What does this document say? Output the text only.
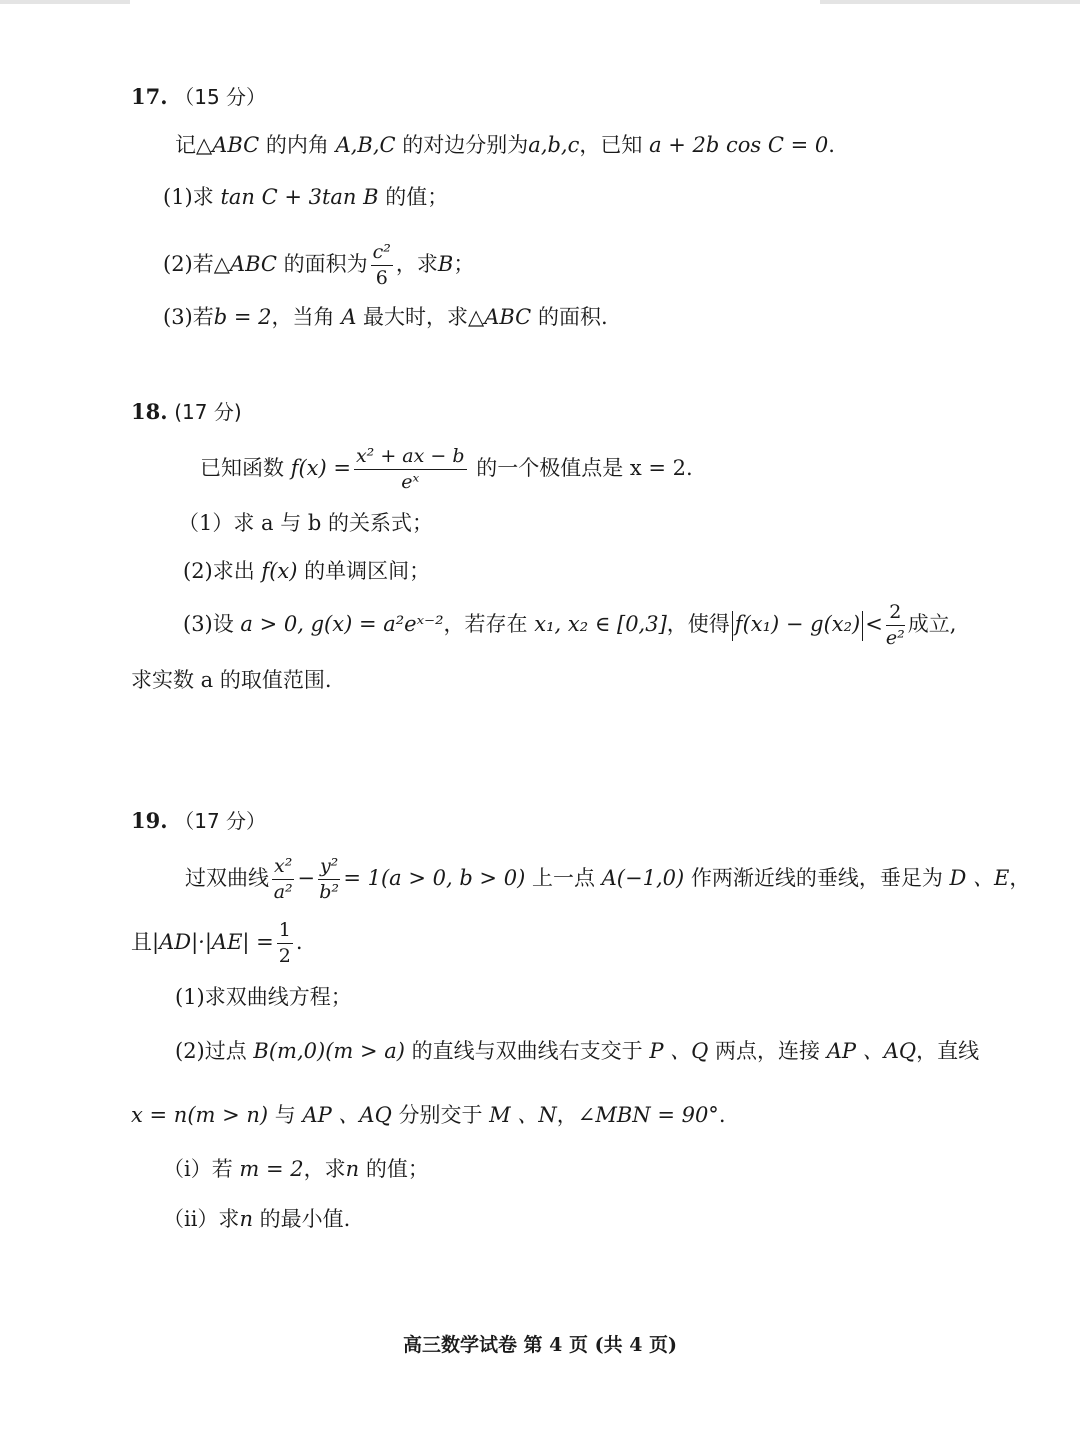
17. （15 分）
记△ABC 的内角 A,B,C 的对边分别为a,b,c，已知 a + 2b cos C = 0.
(1)求 tan C + 3tan B 的值；
(2)若△ABC 的面积为 $\frac{\text{c²}}{6}$ ，求B；
(3)若b = 2，当角 A 最大时，求△ABC 的面积.
18. (17 分)
已知函数 $f(x) = \frac{\text{x² + ax − b}}{\text{eˣ}}$ 的一个极值点是 x = 2.
（1）求 a 与 b 的关系式；
(2)求出 f(x) 的单调区间；
(3)设 a > 0, g(x) = a²eˣ⁻²，若存在 x₁, x₂ ∈ [0,3]，使得 $f(x_1) - g(x_2) < \frac{2}{\text{e²}}$ 成立,
求实数 a 的取值范围.
19. （17 分）
过双曲线 $\frac{\text{x²}}{\text{a²}} - \frac{\text{y²}}{\text{b²}} = 1(a > 0$, b > 0) 上一点 A(−1,0) 作两渐近线的垂线，垂足为 D 、E，
且$|AD|\cdot|AE| = \frac{1}{2}$ .
(1)求双曲线方程；
(2)过点 B(m,0)(m > a) 的直线与双曲线右支交于 P 、Q 两点，连接 AP 、AQ，直线
x = n(m > n) 与 AP 、AQ 分别交于 M 、N，∠MBN = 90°.
（i）若 m = 2，求n 的值；
（ii）求n 的最小值.
高三数学试卷 第 4 页 (共 4 页)
